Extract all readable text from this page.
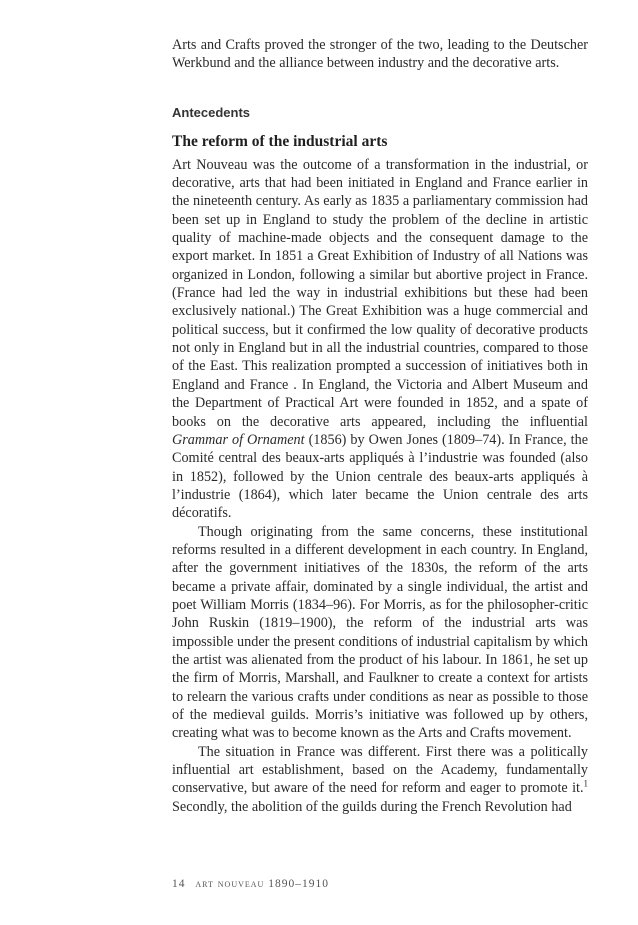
Arts and Crafts proved the stronger of the two, leading to the Deutscher Werkbund and the alliance between industry and the decorative arts.

Antecedents
The reform of the industrial arts

Art Nouveau was the outcome of a transformation in the industrial, or decorative, arts that had been initiated in England and France earlier in the nineteenth century. As early as 1835 a parliamentary commission had been set up in England to study the problem of the decline in artistic quality of machine-made objects and the consequent damage to the export market. In 1851 a Great Exhibition of Industry of all Nations was organized in London, following a similar but abortive project in France. (France had led the way in industrial exhibitions but these had been exclusively national.) The Great Exhibition was a huge commercial and political success, but it confirmed the low quality of decorative products not only in England but in all the industrial countries, compared to those of the East. This realization prompted a succession of initiatives both in England and France . In England, the Victoria and Albert Museum and the Department of Practical Art were founded in 1852, and a spate of books on the decorative arts appeared, including the influential Grammar of Ornament (1856) by Owen Jones (1809–74). In France, the Comité central des beaux-arts appliqués à l’industrie was founded (also in 1852), followed by the Union centrale des beaux-arts appliqués à l’industrie (1864), which later became the Union centrale des arts décoratifs.

Though originating from the same concerns, these institutional reforms resulted in a different development in each country. In England, after the government initiatives of the 1830s, the reform of the arts became a private affair, dominated by a single individual, the artist and poet William Morris (1834–96). For Morris, as for the philosopher-critic John Ruskin (1819–1900), the reform of the industrial arts was impossible under the present conditions of industrial capitalism by which the artist was alienated from the product of his labour. In 1861, he set up the firm of Morris, Marshall, and Faulkner to create a context for artists to relearn the various crafts under conditions as near as possible to those of the medieval guilds. Morris’s initiative was followed up by others, creating what was to become known as the Arts and Crafts movement.

The situation in France was different. First there was a politically influential art establishment, based on the Academy, fundamentally conservative, but aware of the need for reform and eager to promote it.$^1$ Secondly, the abolition of the guilds during the French Revolution had

14 art nouveau 1890–1910
